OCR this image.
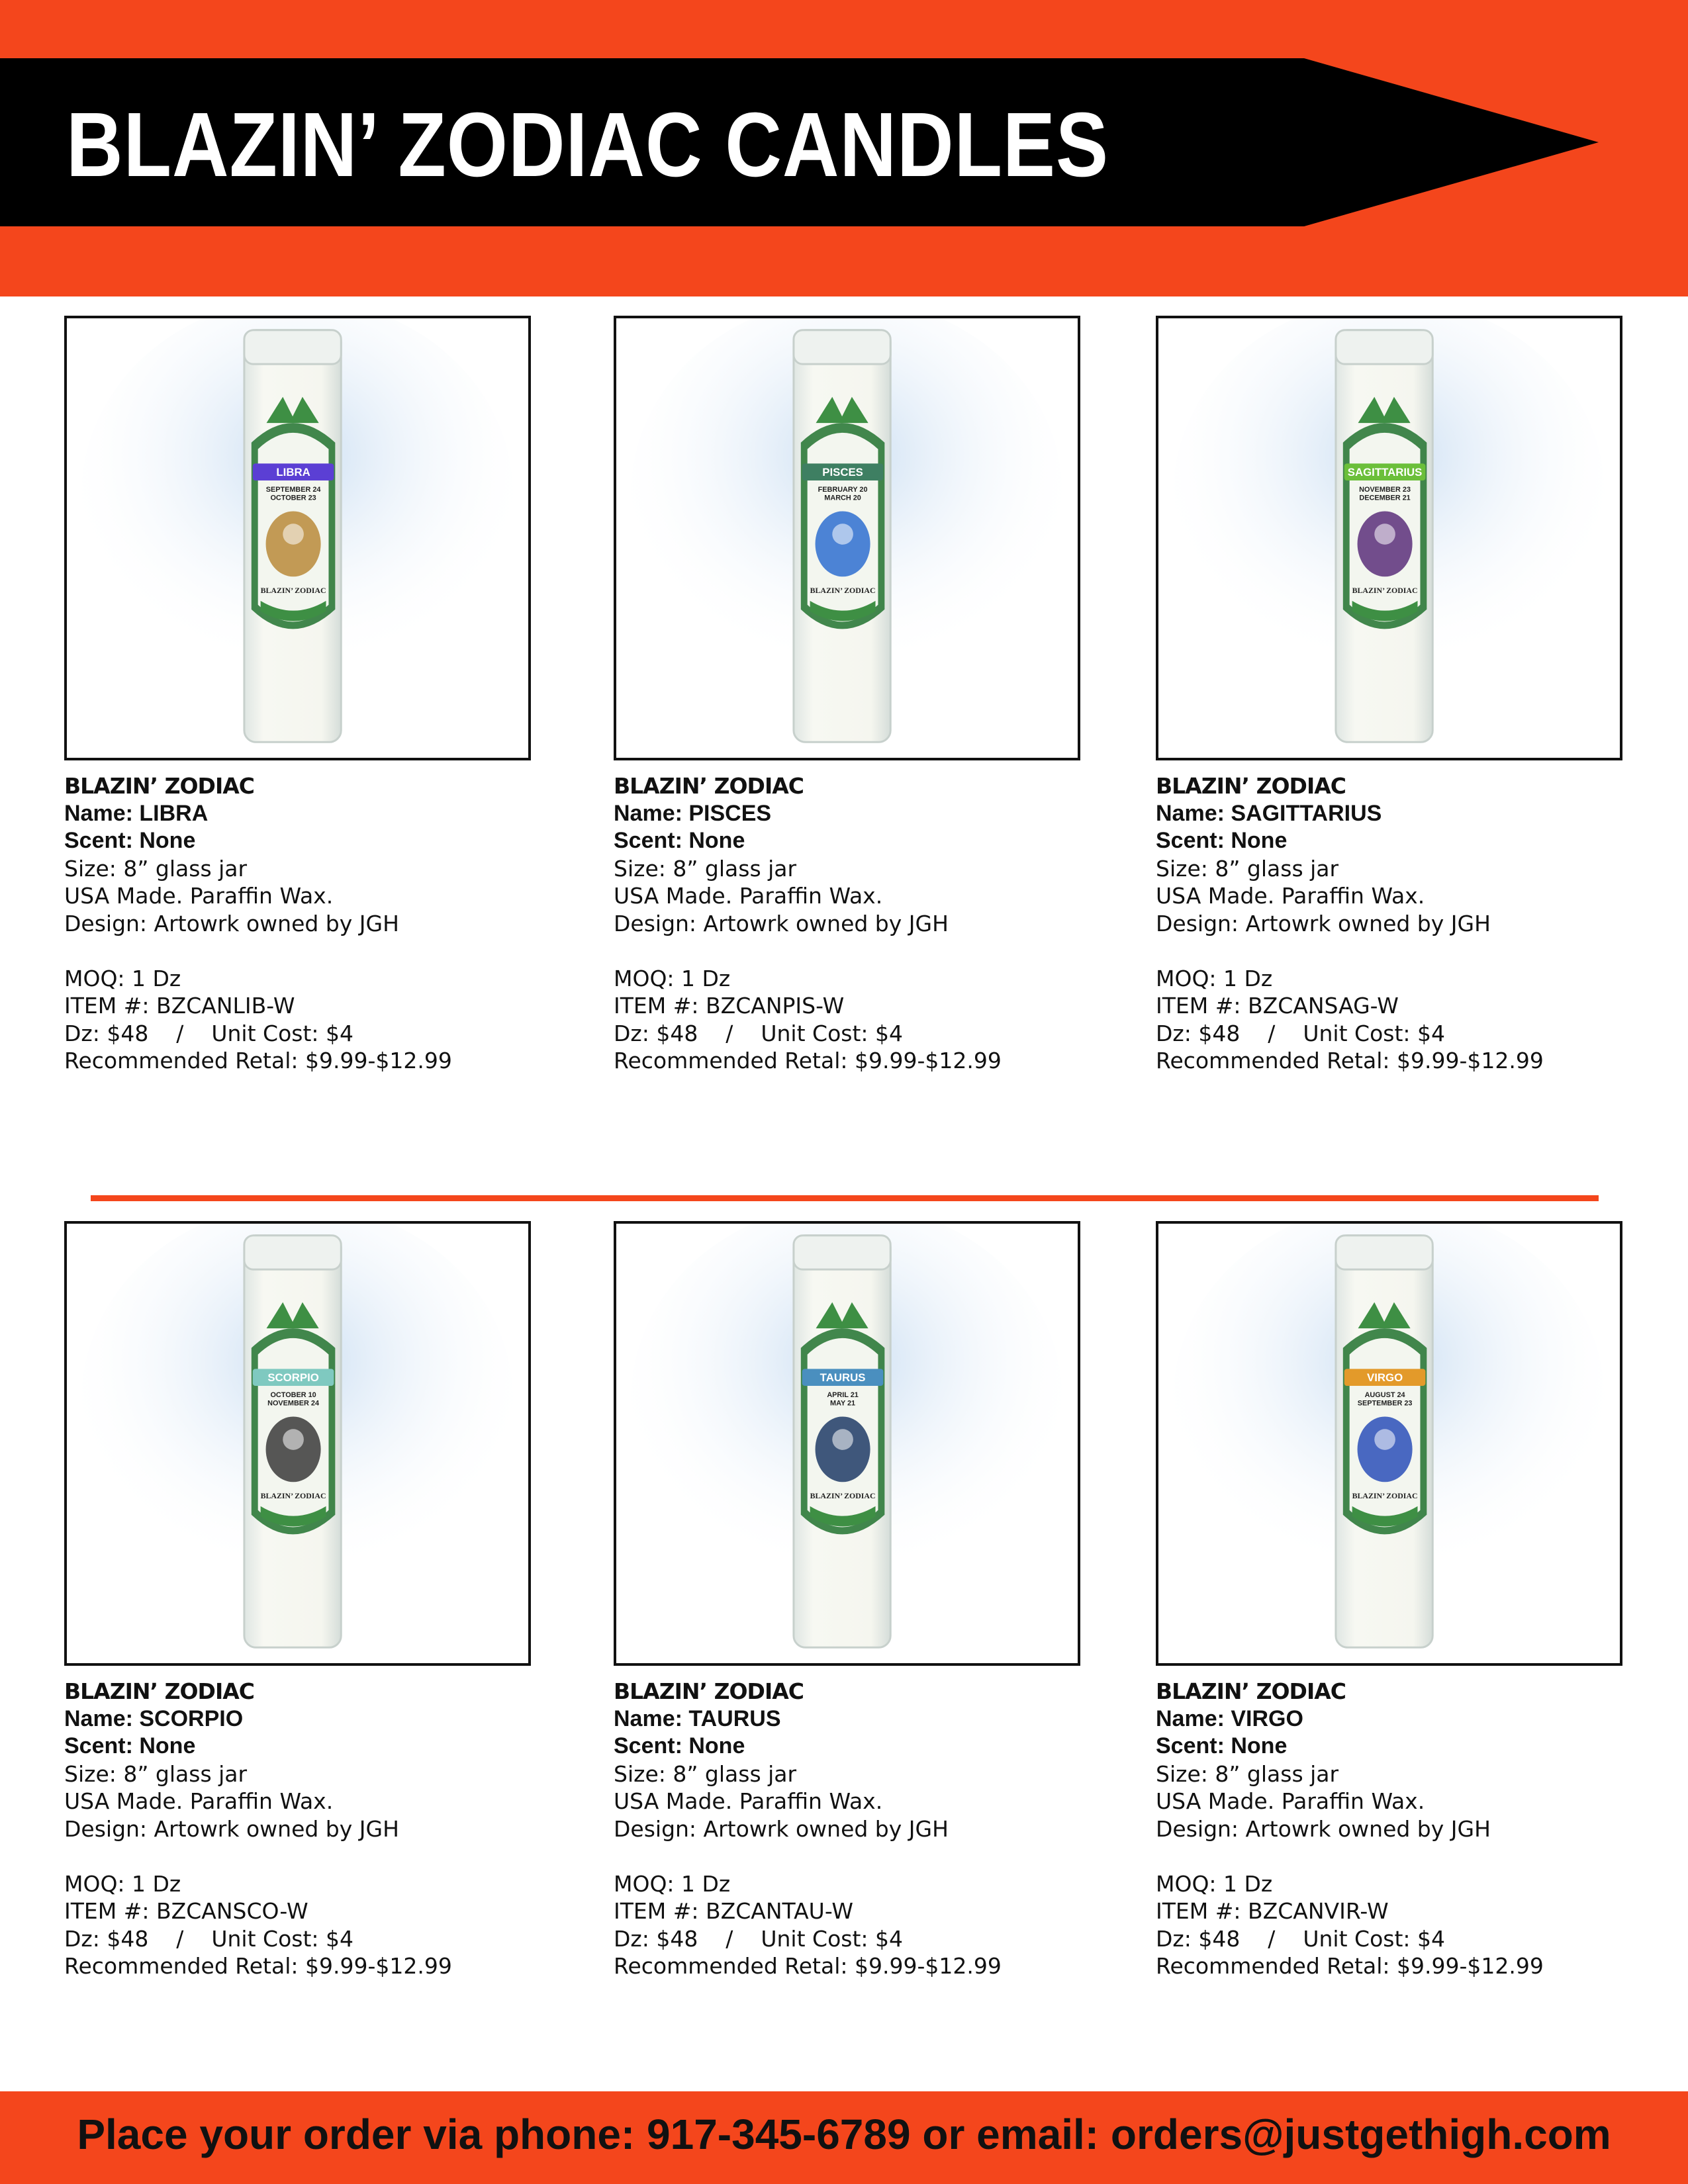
BLAZIN’ ZODIAC CANDLES
LIBRA
SEPTEMBER 24
OCTOBER 23
BLAZIN’ ZODIAC
BLAZIN’ ZODIAC
Name: LIBRA
Scent: None
Size: 8” glass jar
USA Made. Paraffin Wax.
Design: Artowrk owned by JGH
MOQ: 1 Dz
ITEM #: BZCANLIB-W
Dz: $48    /    Unit Cost: $4
Recommended Retal: $9.99-$12.99
PISCES
FEBRUARY 20
MARCH 20
BLAZIN’ ZODIAC
BLAZIN’ ZODIAC
Name: PISCES
Scent: None
Size: 8” glass jar
USA Made. Paraffin Wax.
Design: Artowrk owned by JGH
MOQ: 1 Dz
ITEM #: BZCANPIS-W
Dz: $48    /    Unit Cost: $4
Recommended Retal: $9.99-$12.99
SAGITTARIUS
NOVEMBER 23
DECEMBER 21
BLAZIN’ ZODIAC
BLAZIN’ ZODIAC
Name: SAGITTARIUS
Scent: None
Size: 8” glass jar
USA Made. Paraffin Wax.
Design: Artowrk owned by JGH
MOQ: 1 Dz
ITEM #: BZCANSAG-W
Dz: $48    /    Unit Cost: $4
Recommended Retal: $9.99-$12.99
SCORPIO
OCTOBER 10
NOVEMBER 24
BLAZIN’ ZODIAC
BLAZIN’ ZODIAC
Name: SCORPIO
Scent: None
Size: 8” glass jar
USA Made. Paraffin Wax.
Design: Artowrk owned by JGH
MOQ: 1 Dz
ITEM #: BZCANSCO-W
Dz: $48    /    Unit Cost: $4
Recommended Retal: $9.99-$12.99
TAURUS
APRIL 21
MAY 21
BLAZIN’ ZODIAC
BLAZIN’ ZODIAC
Name: TAURUS
Scent: None
Size: 8” glass jar
USA Made. Paraffin Wax.
Design: Artowrk owned by JGH
MOQ: 1 Dz
ITEM #: BZCANTAU-W
Dz: $48    /    Unit Cost: $4
Recommended Retal: $9.99-$12.99
VIRGO
AUGUST 24
SEPTEMBER 23
BLAZIN’ ZODIAC
BLAZIN’ ZODIAC
Name: VIRGO
Scent: None
Size: 8” glass jar
USA Made. Paraffin Wax.
Design: Artowrk owned by JGH
MOQ: 1 Dz
ITEM #: BZCANVIR-W
Dz: $48    /    Unit Cost: $4
Recommended Retal: $9.99-$12.99
Place your order via phone: 917-345-6789 or email: orders@justgethigh.com
